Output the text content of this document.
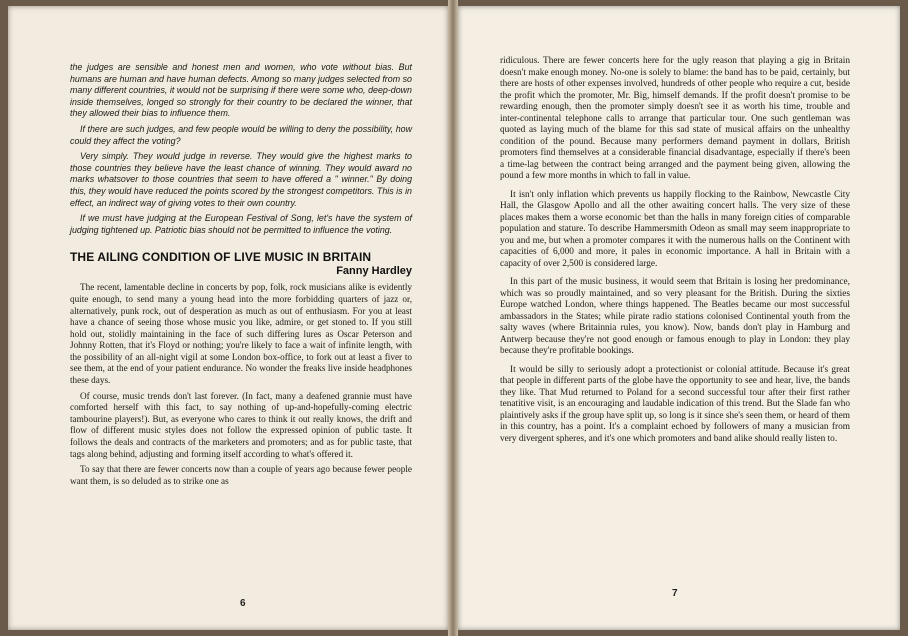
the judges are sensible and honest men and women, who vote without bias. But humans are human and have human defects. Among so many judges selected from so many different countries, it would not be surprising if there were some who, deep-down inside themselves, longed so strongly for their country to be declared the winner, that they allowed their bias to influence them.

If there are such judges, and few people would be willing to deny the possibility, how could they affect the voting?

Very simply. They would judge in reverse. They would give the highest marks to those countries they believe have the least chance of winning. They would award no marks whatsover to those countries that seem to have offered a " winner." By doing this, they would have reduced the points scored by the strongest competitors. This is in effect, an indirect way of giving votes to their own country.

If we must have judging at the European Festival of Song, let's have the system of judging tightened up. Patriotic bias should not be permitted to influence the voting.

THE AILING CONDITION OF LIVE MUSIC IN BRITAIN
Fanny Hardley

The recent, lamentable decline in concerts by pop, folk, rock musicians alike is evidently quite enough, to send many a young head into the more forbidding quarters of jazz or, alternatively, punk rock, out of desperation as much as out of enthusiasm. For you at least have a chance of seeing those whose music you like, admire, or get stoned to. If you still hold out, stolidly maintaining in the face of such differing lures as Oscar Peterson and Johnny Rotten, that it's Floyd or nothing; you're likely to face a wait of infinite length, with the possibility of an all-night vigil at some London box-office, to fork out at least a fiver to see them, at the end of your patient endurance. No wonder the freaks live inside headphones these days.

Of course, music trends don't last forever. (In fact, many a deafened grannie must have comforted herself with this fact, to say nothing of up-and-hopefully-coming electric tambourine players!). But, as everyone who cares to think it out really knows, the drift and flow of different music styles does not follow the expressed opinion of public taste. It follows the deals and contracts of the marketers and promoters; and as for public taste, that tags along behind, adjusting and forming itself according to what's offered it.

To say that there are fewer concerts now than a couple of years ago because fewer people want them, is so deluded as to strike one as

6

ridiculous. There are fewer concerts here for the ugly reason that playing a gig in Britain doesn't make enough money. No-one is solely to blame: the band has to be paid, certainly, but there are hosts of other expenses involved, hundreds of other people who require a cut, beside the profit which the promoter, Mr. Big, himself demands. If the profit doesn't promise to be rewarding enough, then the promoter simply doesn't see it as worth his time, trouble and inter-continental telephone calls to arrange that particular tour. One such gentleman was quoted as laying much of the blame for this sad state of musical affairs on the unhealthy condition of the pound. Because many performers demand payment in dollars, British promoters find themselves at a considerable financial disadvantage, especially if there's been a time-lag between the contract being arranged and the payment being given, allowing the pound a few more months in which to fall in value.

It isn't only inflation which prevents us happily flocking to the Rainbow, Newcastle City Hall, the Glasgow Apollo and all the other awaiting concert halls. The very size of these places makes them a worse economic bet than the halls in many foreign cities of comparable population and stature. To describe Hammersmith Odeon as small may seem inappropriate to you and me, but when a promoter compares it with the numerous halls on the Continent with capacities of 6,000 and more, it pales in economic importance. A hall in Britain with a capacity of over 2,500 is considered large.

In this part of the music business, it would seem that Britain is losing her predominance, which was so proudly maintained, and so very pleasant for the British. During the sixties Europe watched London, where things happened. The Beatles became our most successful ambassadors in the States; while pirate radio stations colonised Continental youth from the salty waves (where Britainnia rules, you know). Now, bands don't play in Hamburg and Antwerp because they're not good enough or famous enough to play in London: they play because they're profitable bookings.

It would be silly to seriously adopt a protectionist or colonial attitude. Because it's great that people in different parts of the globe have the opportunity to see and hear, live, the bands they like. That Mud returned to Poland for a second successful tour after their first rather tenatitive visit, is an encouraging and laudable indication of this trend. But the Slade fan who plaintively asks if the group have split up, so long is it since she's seen them, or heard of them in this country, has a point. It's a complaint echoed by followers of many a musician from very divergent spheres, and it's one which promoters and band alike should really listen to.

7
